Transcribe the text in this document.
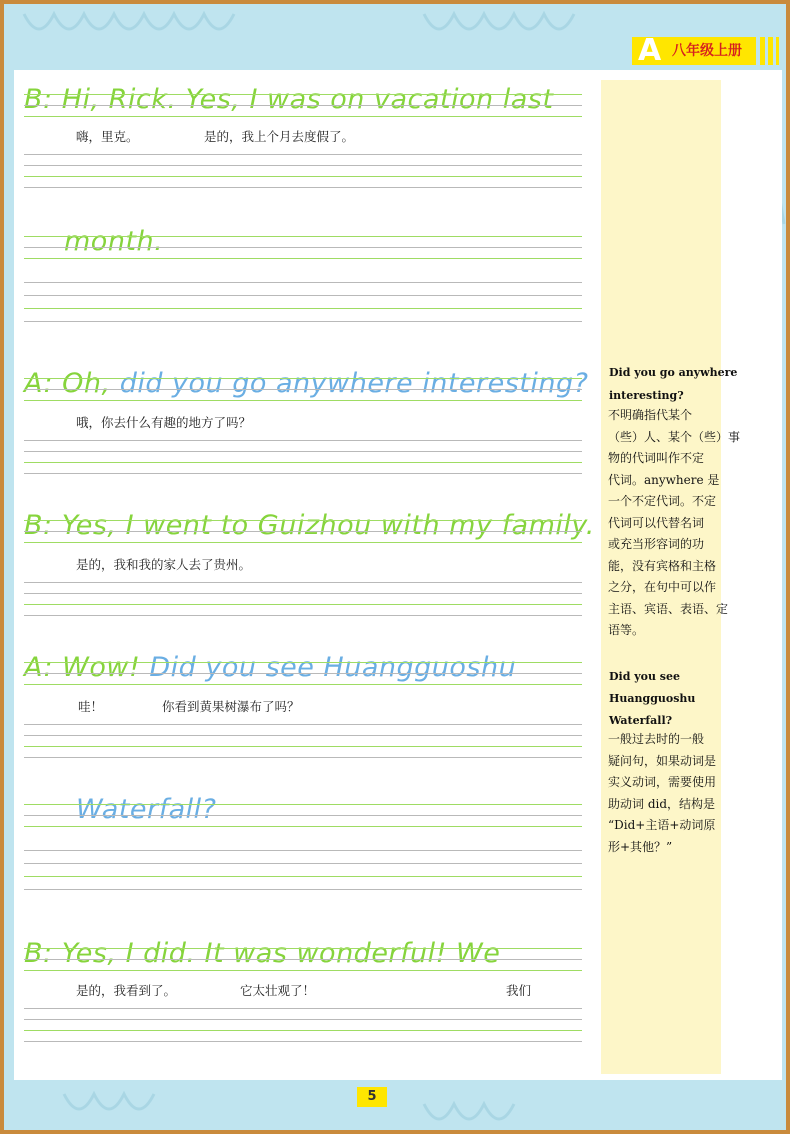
A 八年级上册
B: Hi, Rick. Yes, I was on vacation last
嗨，里克。	是的，我上个月去度假了。
month.
A: Oh, did you go anywhere interesting?
哦，你去什么有趣的地方了吗？
B: Yes, I went to Guizhou with my family.
是的，我和我的家人去了贵州。
A: Wow! Did you see Huangguoshu
哇！	你看到黄果树瀑布了吗？
Waterfall?
B: Yes, I did. It was wonderful! We
是的，我看到了。	它太壮观了！	我们
Did you go anywhere
interesting?
不明确指代某个
（些）人、某个（些）事
物的代词叫作不定
代词。anywhere 是
一个不定代词。不定
代词可以代替名词
或充当形容词的功
能，没有宾格和主格
之分，在句中可以作
主语、宾语、表语、定
语等。
Did you see
Huangguoshu
Waterfall?
一般过去时的一般
疑问句，如果动词是
实义动词，需要使用
助动词 did，结构是
“Did+主语+动词原
形+其他？”
5
